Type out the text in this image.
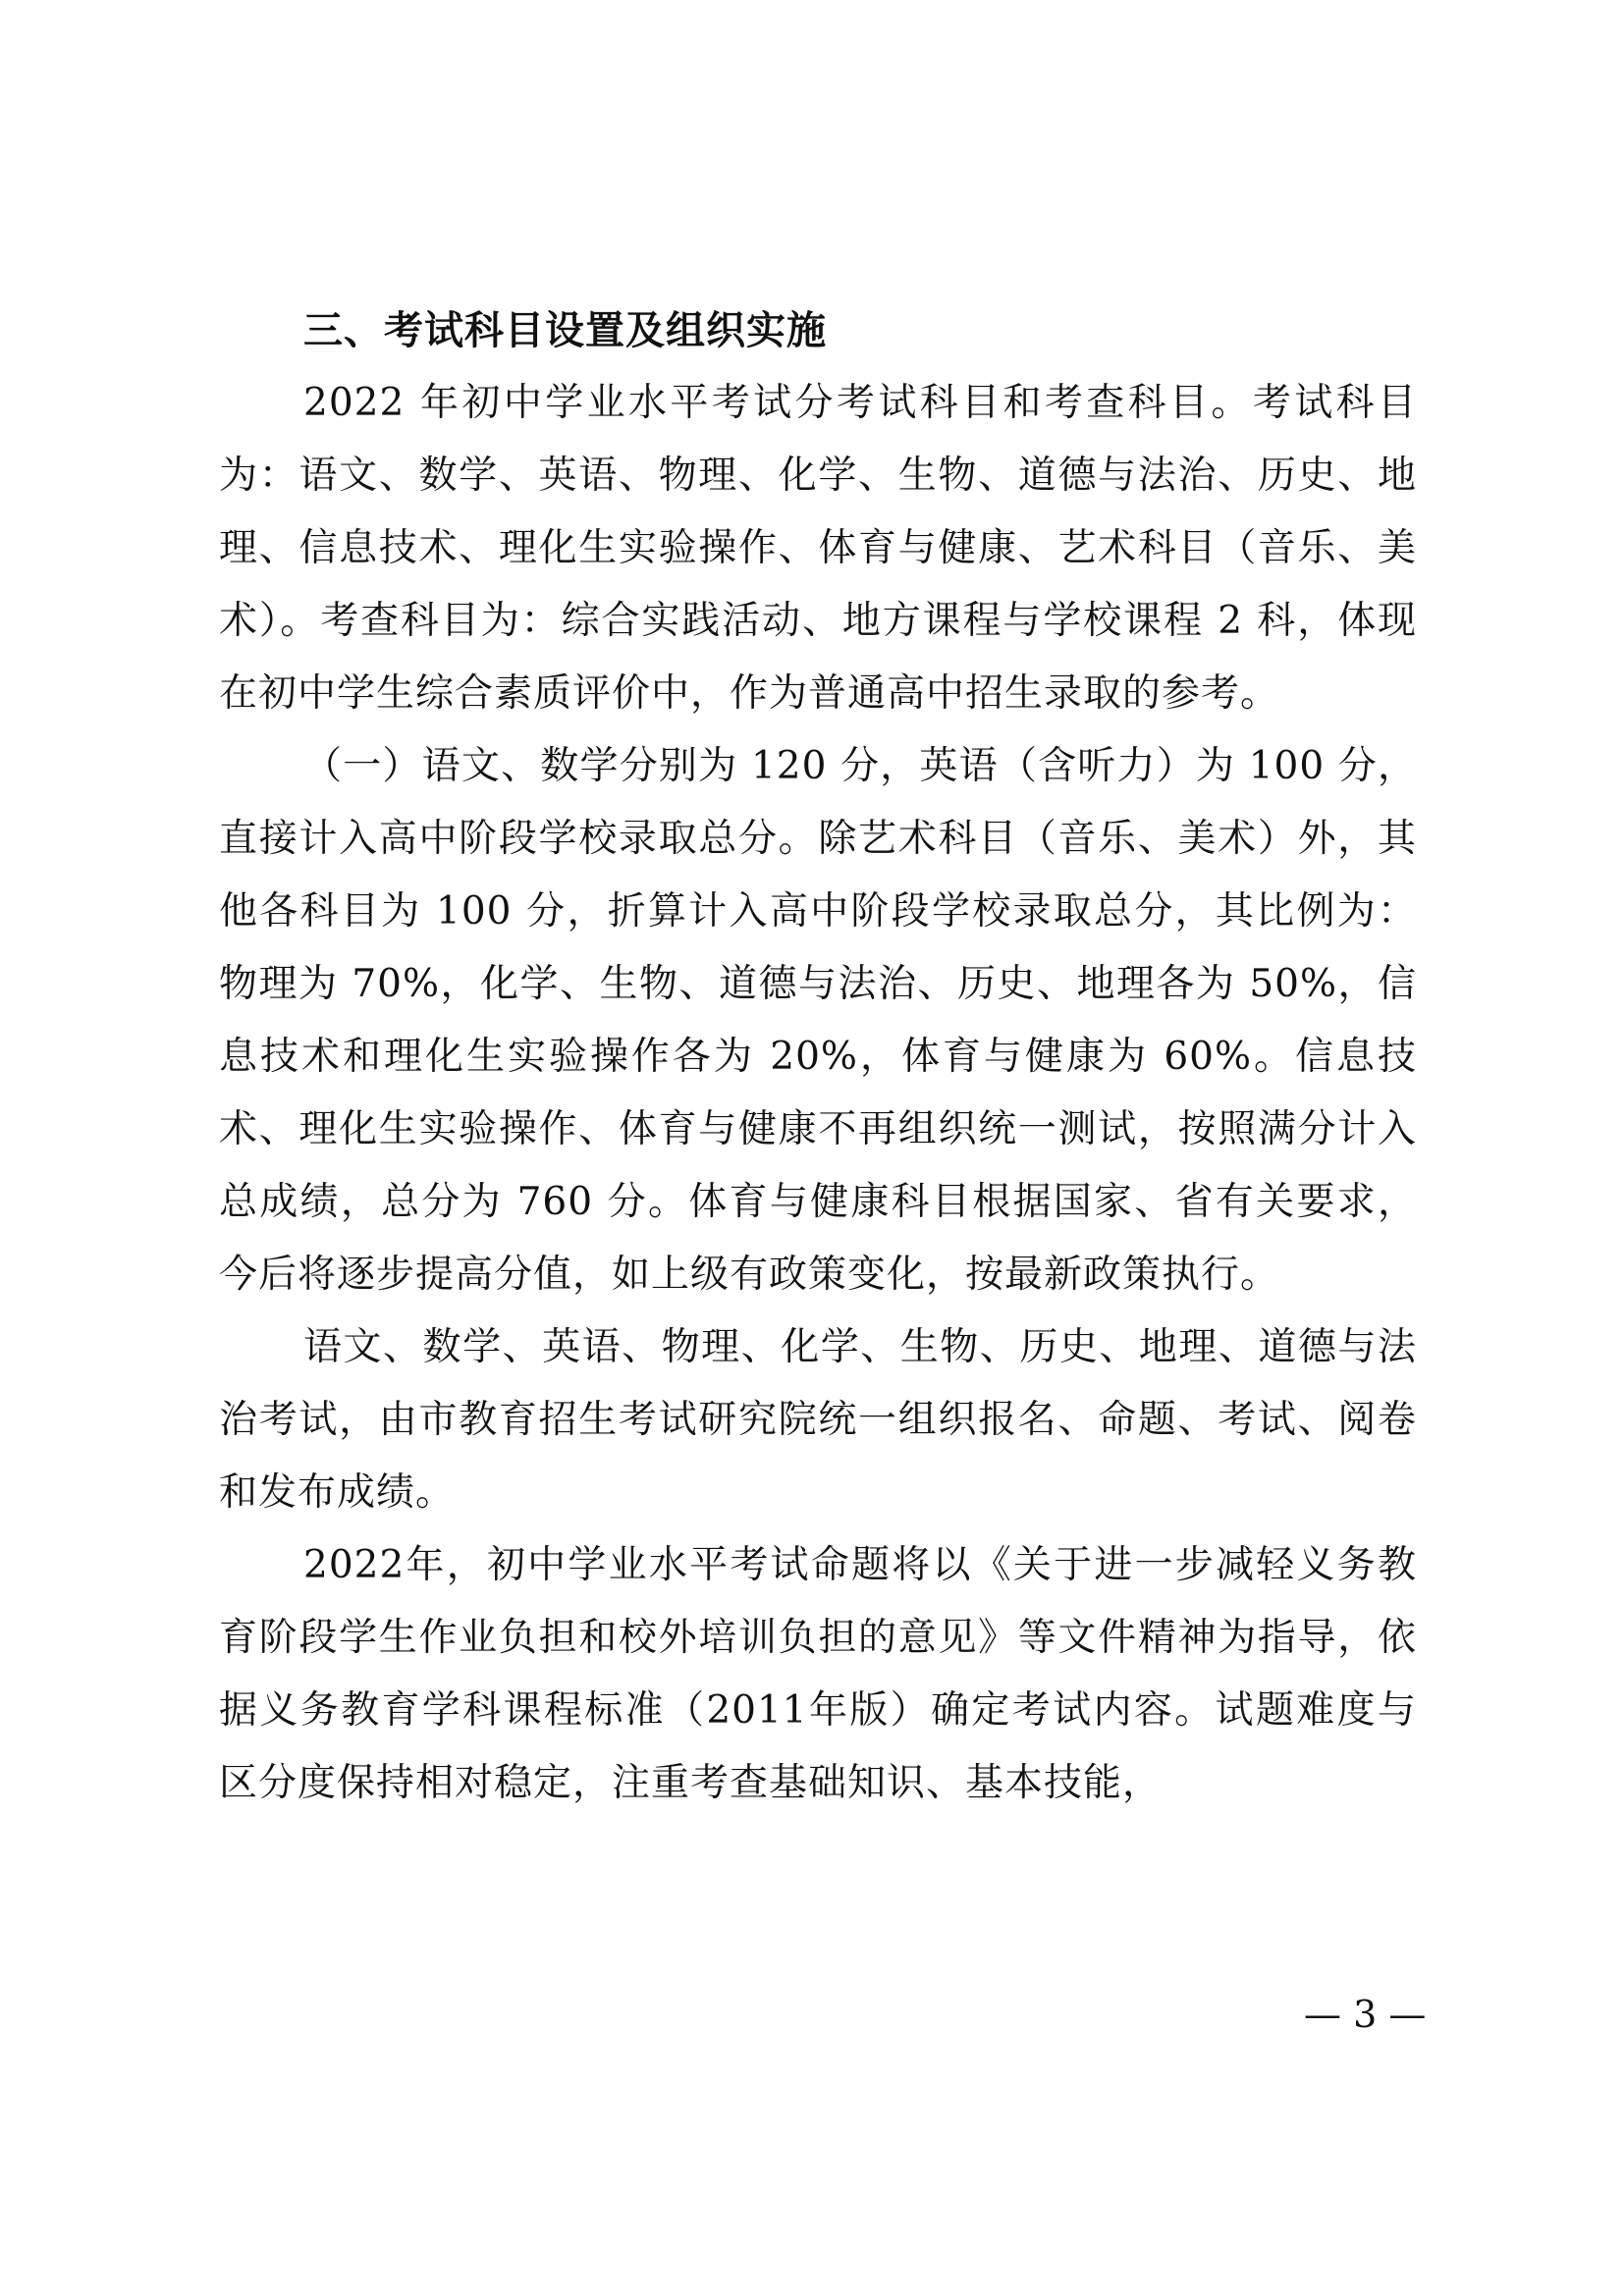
三、考试科目设置及组织实施

2022 年初中学业水平考试分考试科目和考查科目。考试科目为：语文、数学、英语、物理、化学、生物、道德与法治、历史、地理、信息技术、理化生实验操作、体育与健康、艺术科目（音乐、美术）。考查科目为：综合实践活动、地方课程与学校课程 2 科，体现在初中学生综合素质评价中，作为普通高中招生录取的参考。

（一）语文、数学分别为 120 分，英语（含听力）为 100 分，直接计入高中阶段学校录取总分。除艺术科目（音乐、美术）外，其他各科目为 100 分，折算计入高中阶段学校录取总分，其比例为：物理为 70%，化学、生物、道德与法治、历史、地理各为 50%，信息技术和理化生实验操作各为 20%，体育与健康为 60%。信息技术、理化生实验操作、体育与健康不再组织统一测试，按照满分计入总成绩，总分为 760 分。体育与健康科目根据国家、省有关要求，今后将逐步提高分值，如上级有政策变化，按最新政策执行。

语文、数学、英语、物理、化学、生物、历史、地理、道德与法治考试，由市教育招生考试研究院统一组织报名、命题、考试、阅卷和发布成绩。

2022年，初中学业水平考试命题将以《关于进一步减轻义务教育阶段学生作业负担和校外培训负担的意见》等文件精神为指导，依据义务教育学科课程标准（2011年版）确定考试内容。试题难度与区分度保持相对稳定，注重考查基础知识、基本技能，

— 3 —
